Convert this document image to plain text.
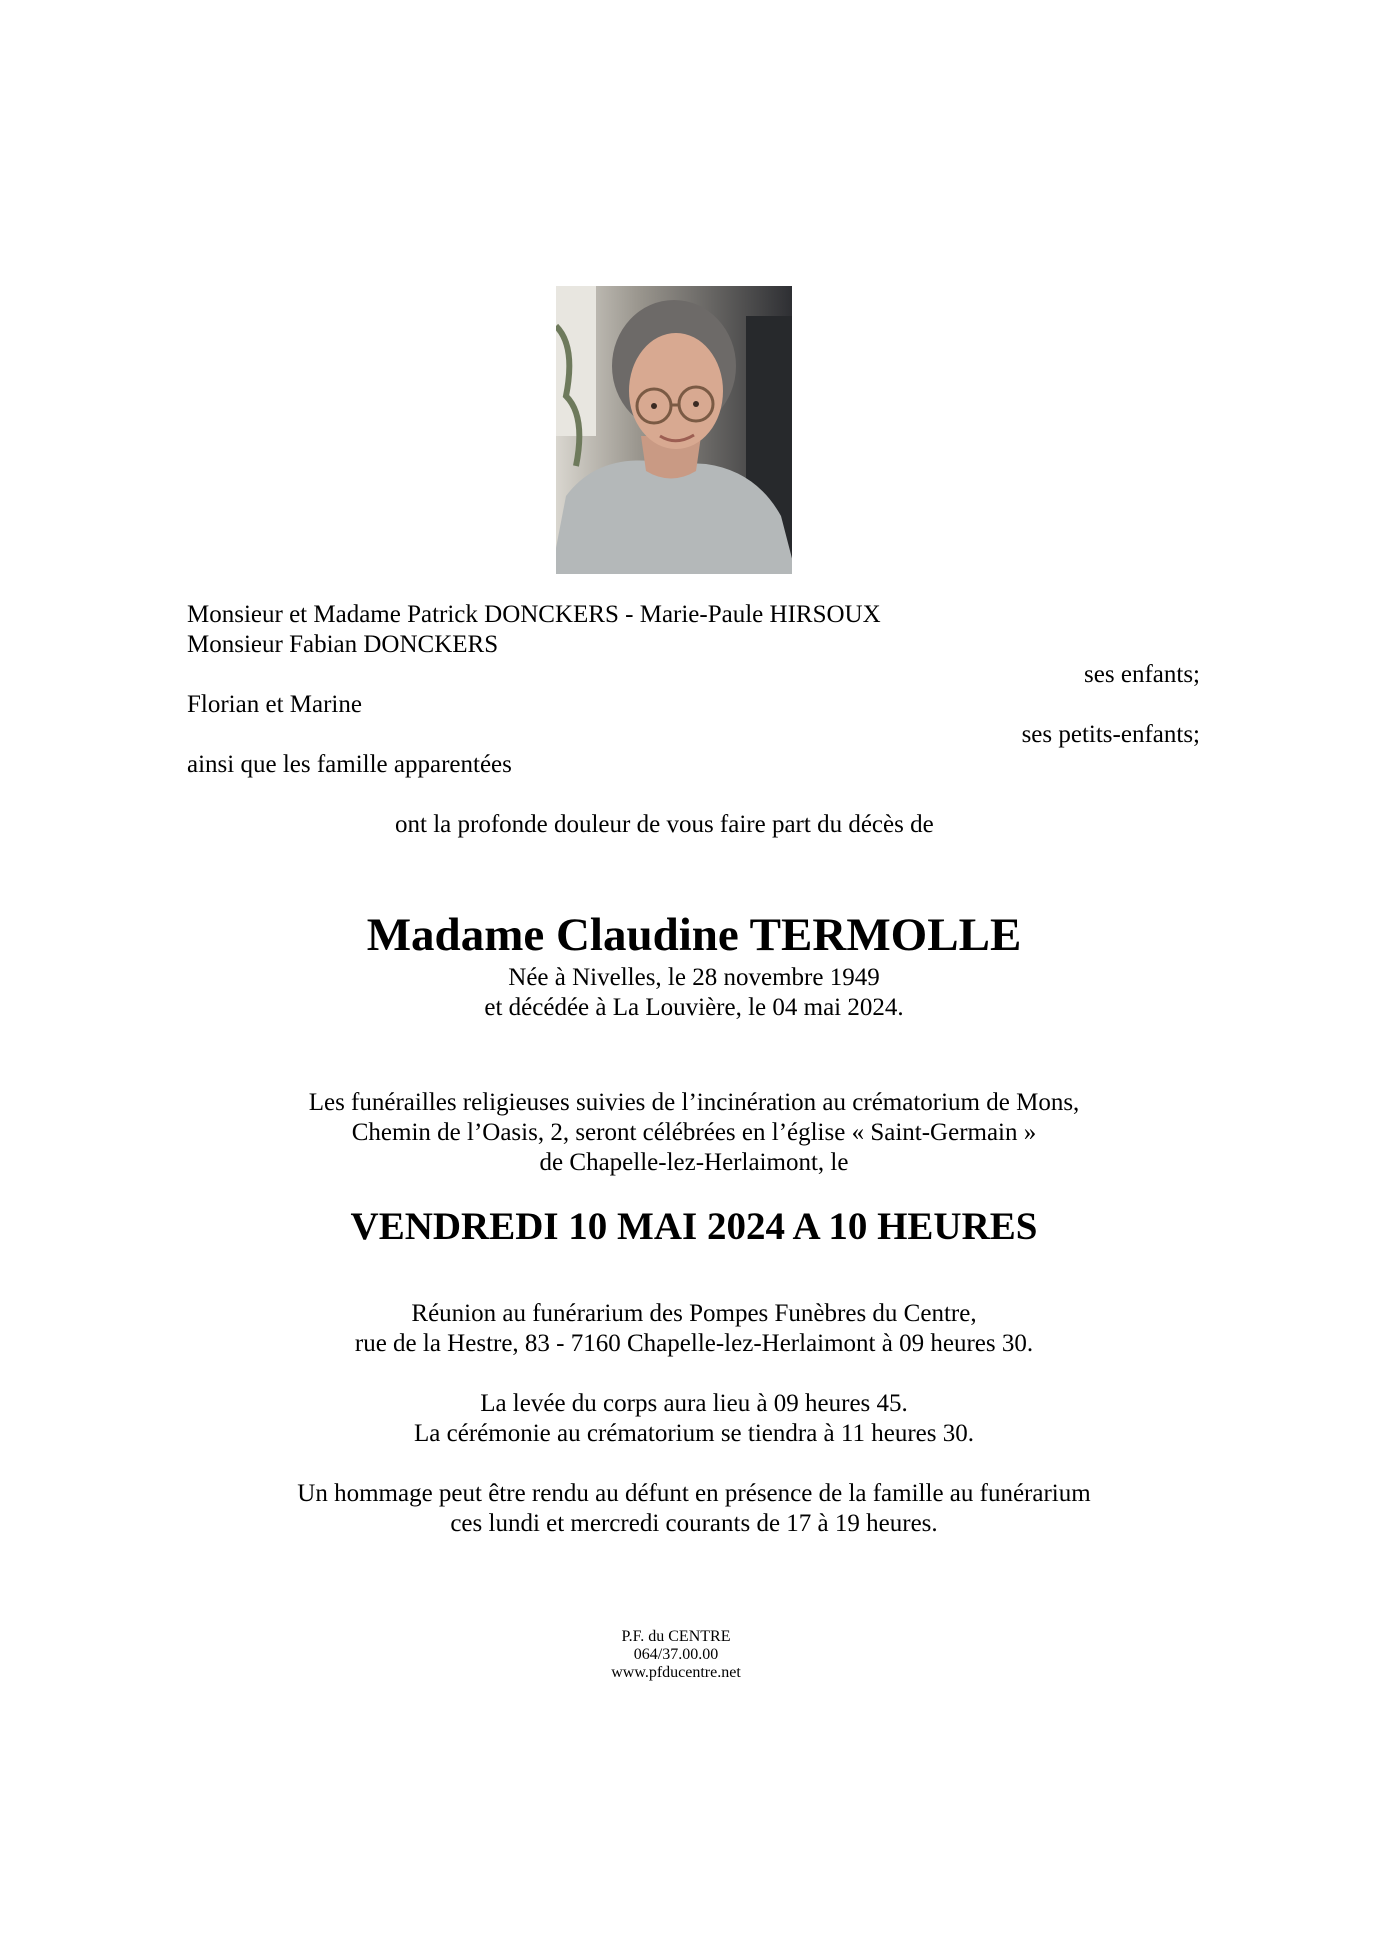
Monsieur et Madame Patrick DONCKERS - Marie-Paule HIRSOUX
Monsieur Fabian DONCKERS
ses enfants;
Florian et Marine
ses petits-enfants;
ainsi que les famille apparentées
ont la profonde douleur de vous faire part du décès de
Madame Claudine TERMOLLE
Née à Nivelles, le 28 novembre 1949
et décédée à La Louvière, le 04 mai 2024.
Les funérailles religieuses suivies de l’incinération au crématorium de Mons,
Chemin de l’Oasis, 2, seront célébrées en l’église « Saint-Germain »
de Chapelle-lez-Herlaimont, le
VENDREDI 10 MAI 2024 A 10 HEURES
Réunion au funérarium des Pompes Funèbres du Centre,
rue de la Hestre, 83 - 7160 Chapelle-lez-Herlaimont à 09 heures 30.
La levée du corps aura lieu à 09 heures 45.
La cérémonie au crématorium se tiendra à 11 heures 30.
Un hommage peut être rendu au défunt en présence de la famille au funérarium
ces lundi et mercredi courants de 17 à 19 heures.
P.F. du CENTRE
064/37.00.00
www.pfducentre.net
